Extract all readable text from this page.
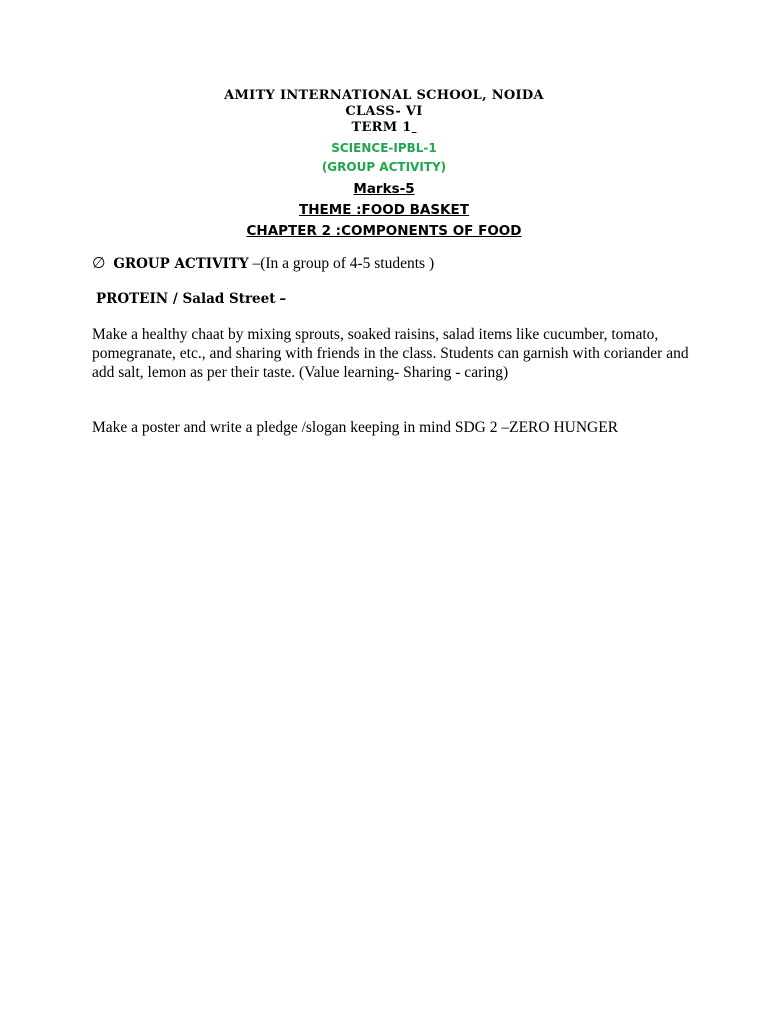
AMITY INTERNATIONAL SCHOOL, NOIDA
CLASS- VI
TERM 1
SCIENCE-IPBL-1
(GROUP ACTIVITY)
Marks-5
THEME :FOOD BASKET
CHAPTER 2 :COMPONENTS OF FOOD
∅ GROUP ACTIVITY –(In a group of 4-5 students )
PROTEIN / Salad Street –
Make a healthy chaat by mixing sprouts, soaked raisins, salad items like cucumber, tomato, pomegranate, etc., and sharing with friends in the class. Students can garnish with coriander and add salt, lemon as per their taste. (Value learning- Sharing - caring)
Make a poster and write a pledge /slogan keeping in mind SDG 2 –ZERO HUNGER
